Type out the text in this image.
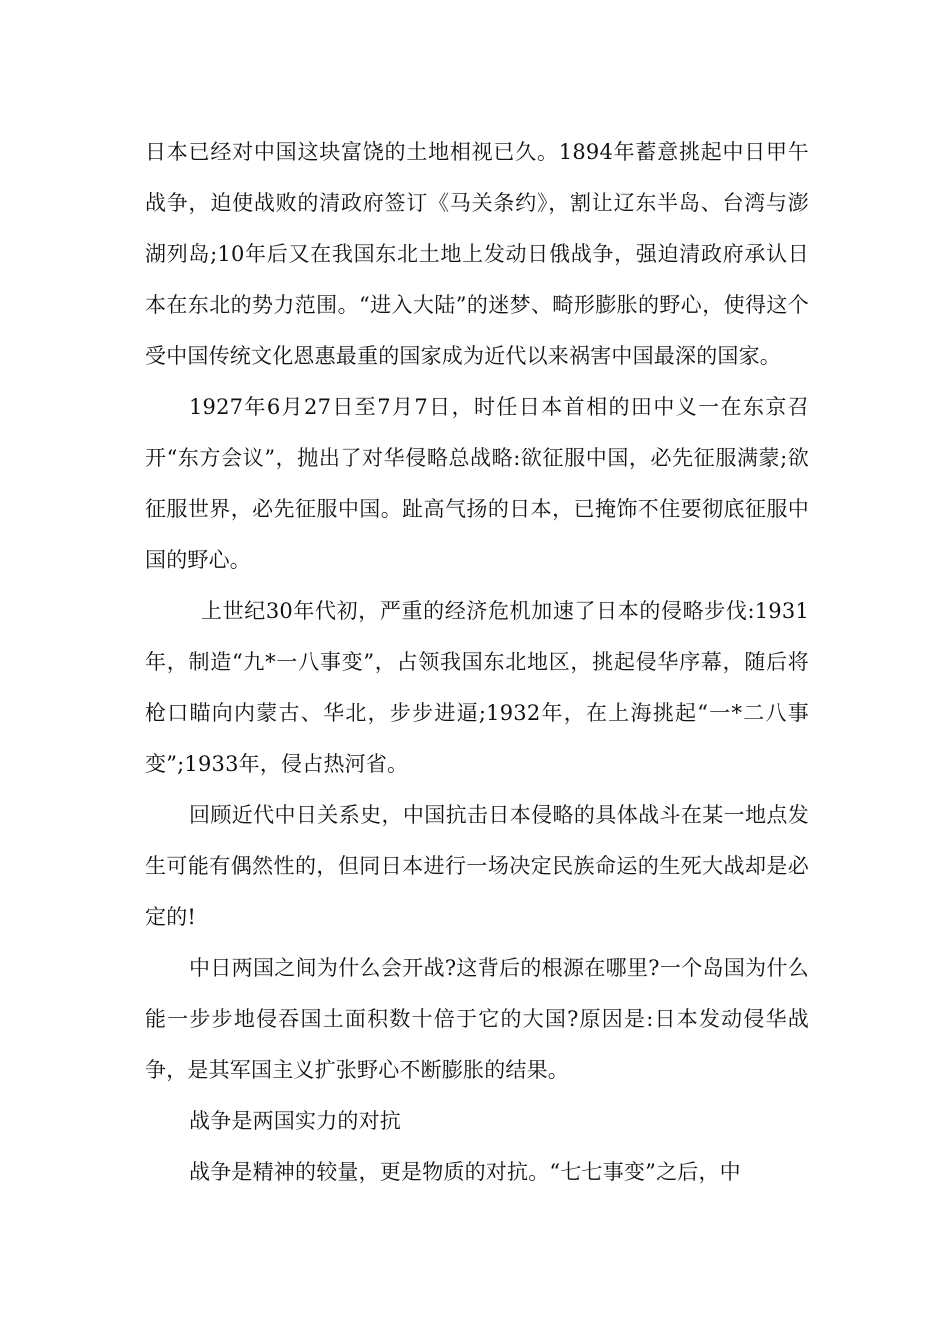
日本已经对中国这块富饶的土地相视已久。1894年蓄意挑起中日甲午战争，迫使战败的清政府签订《马关条约》，割让辽东半岛、台湾与澎湖列岛;10年后又在我国东北土地上发动日俄战争，强迫清政府承认日本在东北的势力范围。“进入大陆”的迷梦、畸形膨胀的野心，使得这个受中国传统文化恩惠最重的国家成为近代以来祸害中国最深的国家。

1927年6月27日至7月7日，时任日本首相的田中义一在东京召开“东方会议”，抛出了对华侵略总战略:欲征服中国，必先征服满蒙;欲征服世界，必先征服中国。趾高气扬的日本，已掩饰不住要彻底征服中国的野心。

上世纪30年代初，严重的经济危机加速了日本的侵略步伐:1931年，制造“九*一八事变”，占领我国东北地区，挑起侵华序幕，随后将枪口瞄向内蒙古、华北，步步进逼;1932年，在上海挑起“一*二八事变”;1933年，侵占热河省。

回顾近代中日关系史，中国抗击日本侵略的具体战斗在某一地点发生可能有偶然性的，但同日本进行一场决定民族命运的生死大战却是必定的!

中日两国之间为什么会开战?这背后的根源在哪里?一个岛国为什么能一步步地侵吞国土面积数十倍于它的大国?原因是:日本发动侵华战争，是其军国主义扩张野心不断膨胀的结果。

战争是两国实力的对抗

战争是精神的较量，更是物质的对抗。“七七事变”之后，中
